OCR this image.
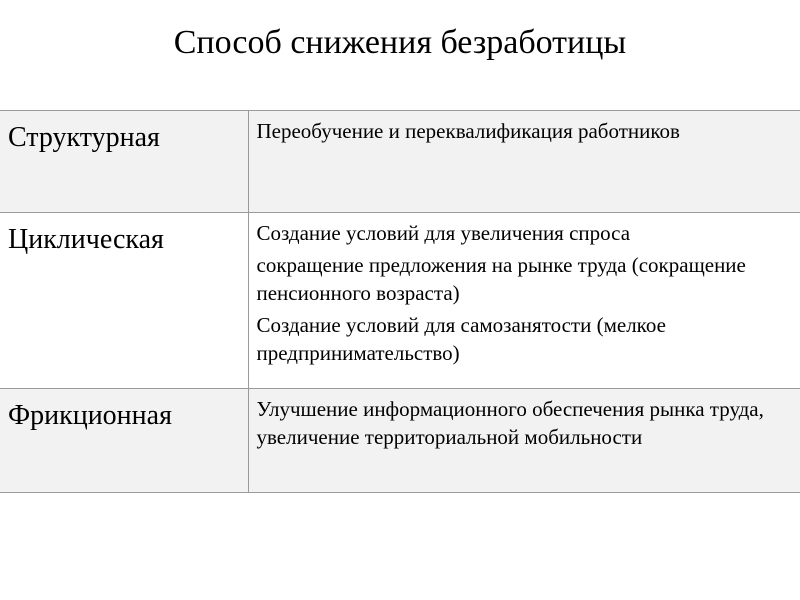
Способ снижения безработицы
Структурная	Переобучение и переквалификация работников

Циклическая	Создание условий для увеличения спроса
сокращение предложения на рынке труда (сокращение пенсионного возраста)
Создание условий для самозанятости (мелкое предпринимательство)

Фрикционная	Улучшение информационного обеспечения рынка труда, увеличение территориальной мобильности
